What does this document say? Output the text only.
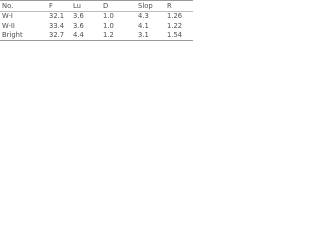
No.	F	Lu	D	Slop	R
W-I	32.1	3.6	1.0	4.3	1.26
W-II	33.4	3.6	1.0	4.1	1.22
Bright	32.7	4.4	1.2	3.1	1.54
